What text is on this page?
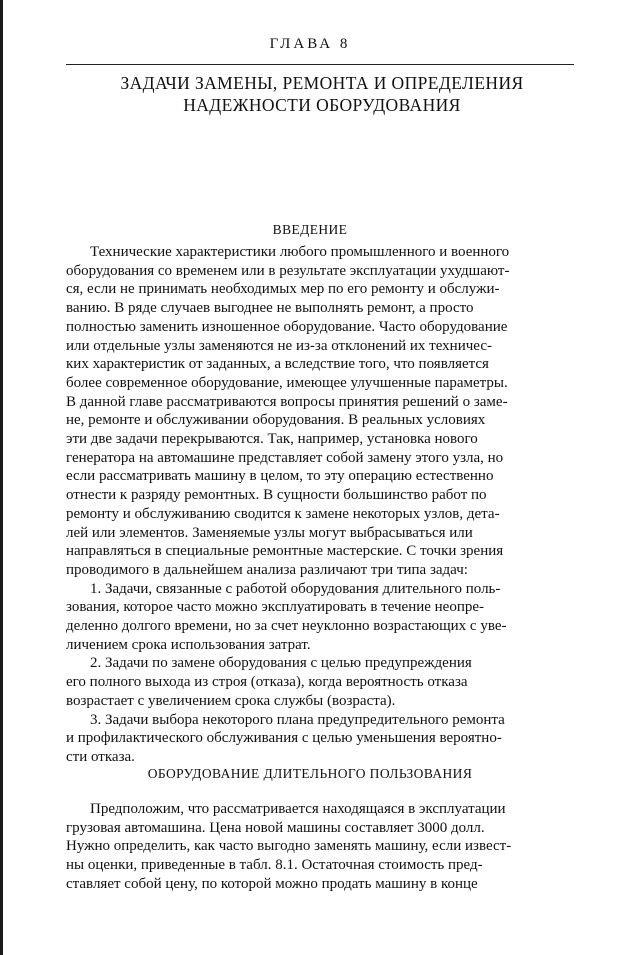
ГЛАВА 8
ЗАДАЧИ ЗАМЕНЫ, РЕМОНТА И ОПРЕДЕЛЕНИЯ
НАДЕЖНОСТИ ОБОРУДОВАНИЯ
ВВЕДЕНИЕ
Технические характеристики любого промышленного и военного
оборудования со временем или в результате эксплуатации ухудшают-
ся, если не принимать необходимых мер по его ремонту и обслужи-
ванию. В ряде случаев выгоднее не выполнять ремонт, а просто
полностью заменить изношенное оборудование. Часто оборудование
или отдельные узлы заменяются не из-за отклонений их техничес-
ких характеристик от заданных, а вследствие того, что появляется
более современное оборудование, имеющее улучшенные параметры.
В данной главе рассматриваются вопросы принятия решений о заме-
не, ремонте и обслуживании оборудования. В реальных условиях
эти две задачи перекрываются. Так, например, установка нового
генератора на автомашине представляет собой замену этого узла, но
если рассматривать машину в целом, то эту операцию естественно
отнести к разряду ремонтных. В сущности большинство работ по
ремонту и обслуживанию сводится к замене некоторых узлов, дета-
лей или элементов. Заменяемые узлы могут выбрасываться или
направляться в специальные ремонтные мастерские. С точки зрения
проводимого в дальнейшем анализа различают три типа задач:
1. Задачи, связанные с работой оборудования длительного поль-
зования, которое часто можно эксплуатировать в течение неопре-
деленно долгого времени, но за счет неуклонно возрастающих с уве-
личением срока использования затрат.
2. Задачи по замене оборудования с целью предупреждения
его полного выхода из строя (отказа), когда вероятность отказа
возрастает с увеличением срока службы (возраста).
3. Задачи выбора некоторого плана предупредительного ремонта
и профилактического обслуживания с целью уменьшения вероятно-
сти отказа.
ОБОРУДОВАНИЕ ДЛИТЕЛЬНОГО ПОЛЬЗОВАНИЯ
Предположим, что рассматривается находящаяся в эксплуатации
грузовая автомашина. Цена новой машины составляет 3000 долл.
Нужно определить, как часто выгодно заменять машину, если извест-
ны оценки, приведенные в табл. 8.1. Остаточная стоимость пред-
ставляет собой цену, по которой можно продать машину в конце
